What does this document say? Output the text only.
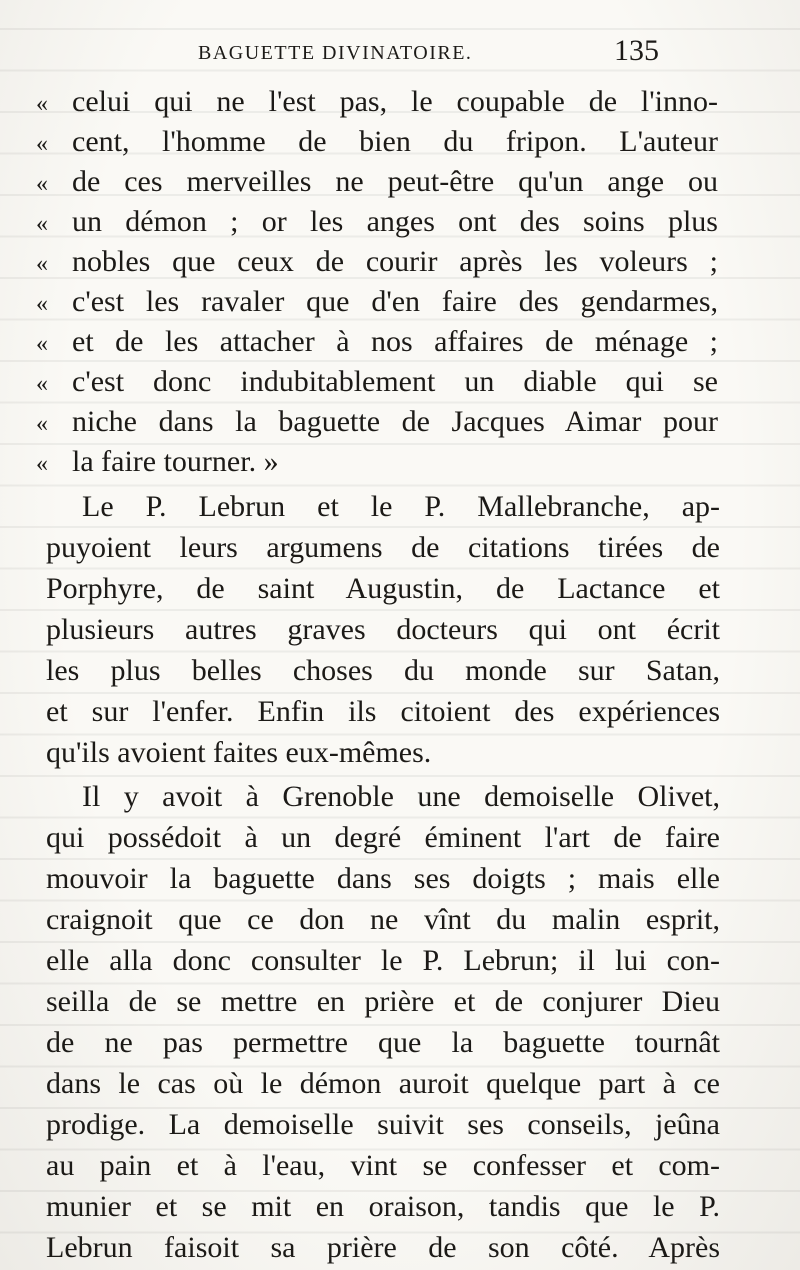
BAGUETTE DIVINATOIRE.	135
« celui qui ne l'est pas, le coupable de l'inno-
« cent, l'homme de bien du fripon. L'auteur
« de ces merveilles ne peut-être qu'un ange ou
« un démon ; or les anges ont des soins plus
« nobles que ceux de courir après les voleurs ;
« c'est les ravaler que d'en faire des gendarmes,
« et de les attacher à nos affaires de ménage ;
« c'est donc indubitablement un diable qui se
« niche dans la baguette de Jacques Aimar pour
« la faire tourner. »
Le P. Lebrun et le P. Mallebranche, ap-
puyoient leurs argumens de citations tirées de
Porphyre, de saint Augustin, de Lactance et
plusieurs autres graves docteurs qui ont écrit
les plus belles choses du monde sur Satan,
et sur l'enfer. Enfin ils citoient des expériences
qu'ils avoient faites eux-mêmes.
Il y avoit à Grenoble une demoiselle Olivet,
qui possédoit à un degré éminent l'art de faire
mouvoir la baguette dans ses doigts ; mais elle
craignoit que ce don ne vînt du malin esprit,
elle alla donc consulter le P. Lebrun; il lui con-
seilla de se mettre en prière et de conjurer Dieu
de ne pas permettre que la baguette tournât
dans le cas où le démon auroit quelque part à ce
prodige. La demoiselle suivit ses conseils, jeûna
au pain et à l'eau, vint se confesser et com-
munier et se mit en oraison, tandis que le P.
Lebrun faisoit sa prière de son côté. Après
